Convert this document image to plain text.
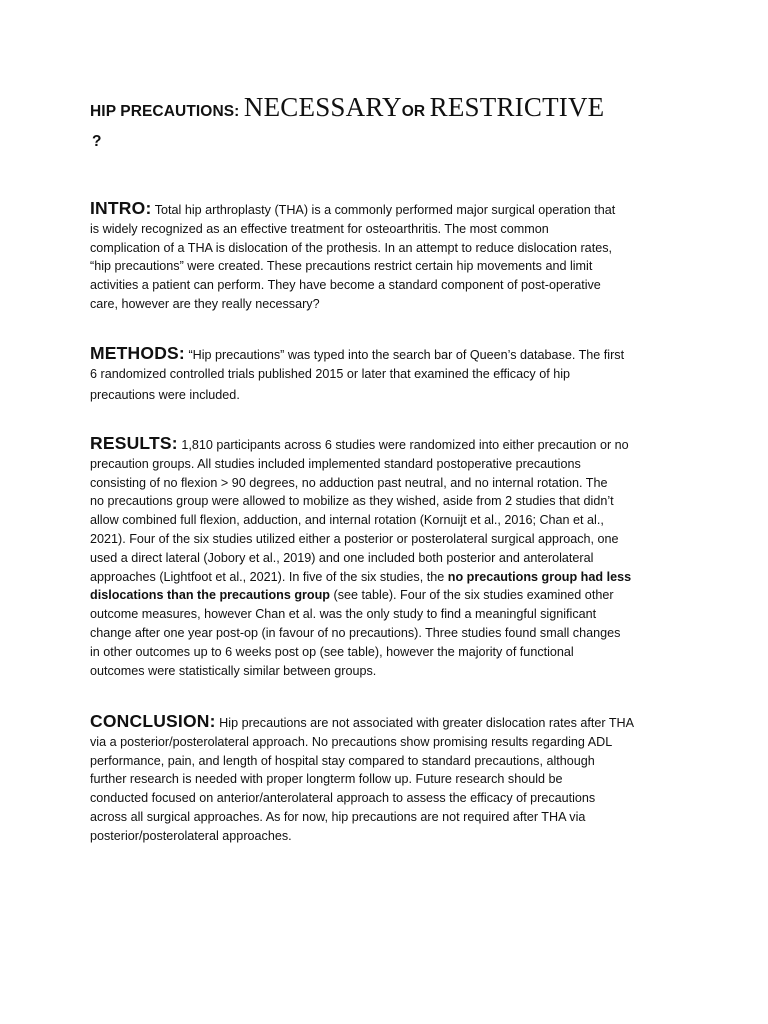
HIP PRECAUTIONS: NECESSARYOR RESTRICTIVE
?
INTRO: Total hip arthroplasty (THA) is a commonly performed major surgical operation that
is widely recognized as an effective treatment for osteoarthritis. The most common
complication of a THA is dislocation of the prothesis. In an attempt to reduce dislocation rates,
“hip precautions” were created. These precautions restrict certain hip movements and limit
activities a patient can perform. They have become a standard component of post-operative
care, however are they really necessary?
METHODS: “Hip precautions” was typed into the search bar of Queen’s database. The first
6 randomized controlled trials published 2015 or later that examined the efficacy of hip
precautions were included.
RESULTS: 1,810 participants across 6 studies were randomized into either precaution or no
precaution groups. All studies included implemented standard postoperative precautions
consisting of no flexion > 90 degrees, no adduction past neutral, and no internal rotation. The
no precautions group were allowed to mobilize as they wished, aside from 2 studies that didn’t
allow combined full flexion, adduction, and internal rotation (Kornuijt et al., 2016; Chan et al.,
2021). Four of the six studies utilized either a posterior or posterolateral surgical approach, one
used a direct lateral (Jobory et al., 2019) and one included both posterior and anterolateral
approaches (Lightfoot et al., 2021). In five of the six studies, the no precautions group had less
dislocations than the precautions group (see table). Four of the six studies examined other
outcome measures, however Chan et al. was the only study to find a meaningful significant
change after one year post-op (in favour of no precautions). Three studies found small changes
in other outcomes up to 6 weeks post op (see table), however the majority of functional
outcomes were statistically similar between groups.
CONCLUSION: Hip precautions are not associated with greater dislocation rates after THA
via a posterior/posterolateral approach. No precautions show promising results regarding ADL
performance, pain, and length of hospital stay compared to standard precautions, although
further research is needed with proper longterm follow up. Future research should be
conducted focused on anterior/anterolateral approach to assess the efficacy of precautions
across all surgical approaches. As for now, hip precautions are not required after THA via
posterior/posterolateral approaches.
